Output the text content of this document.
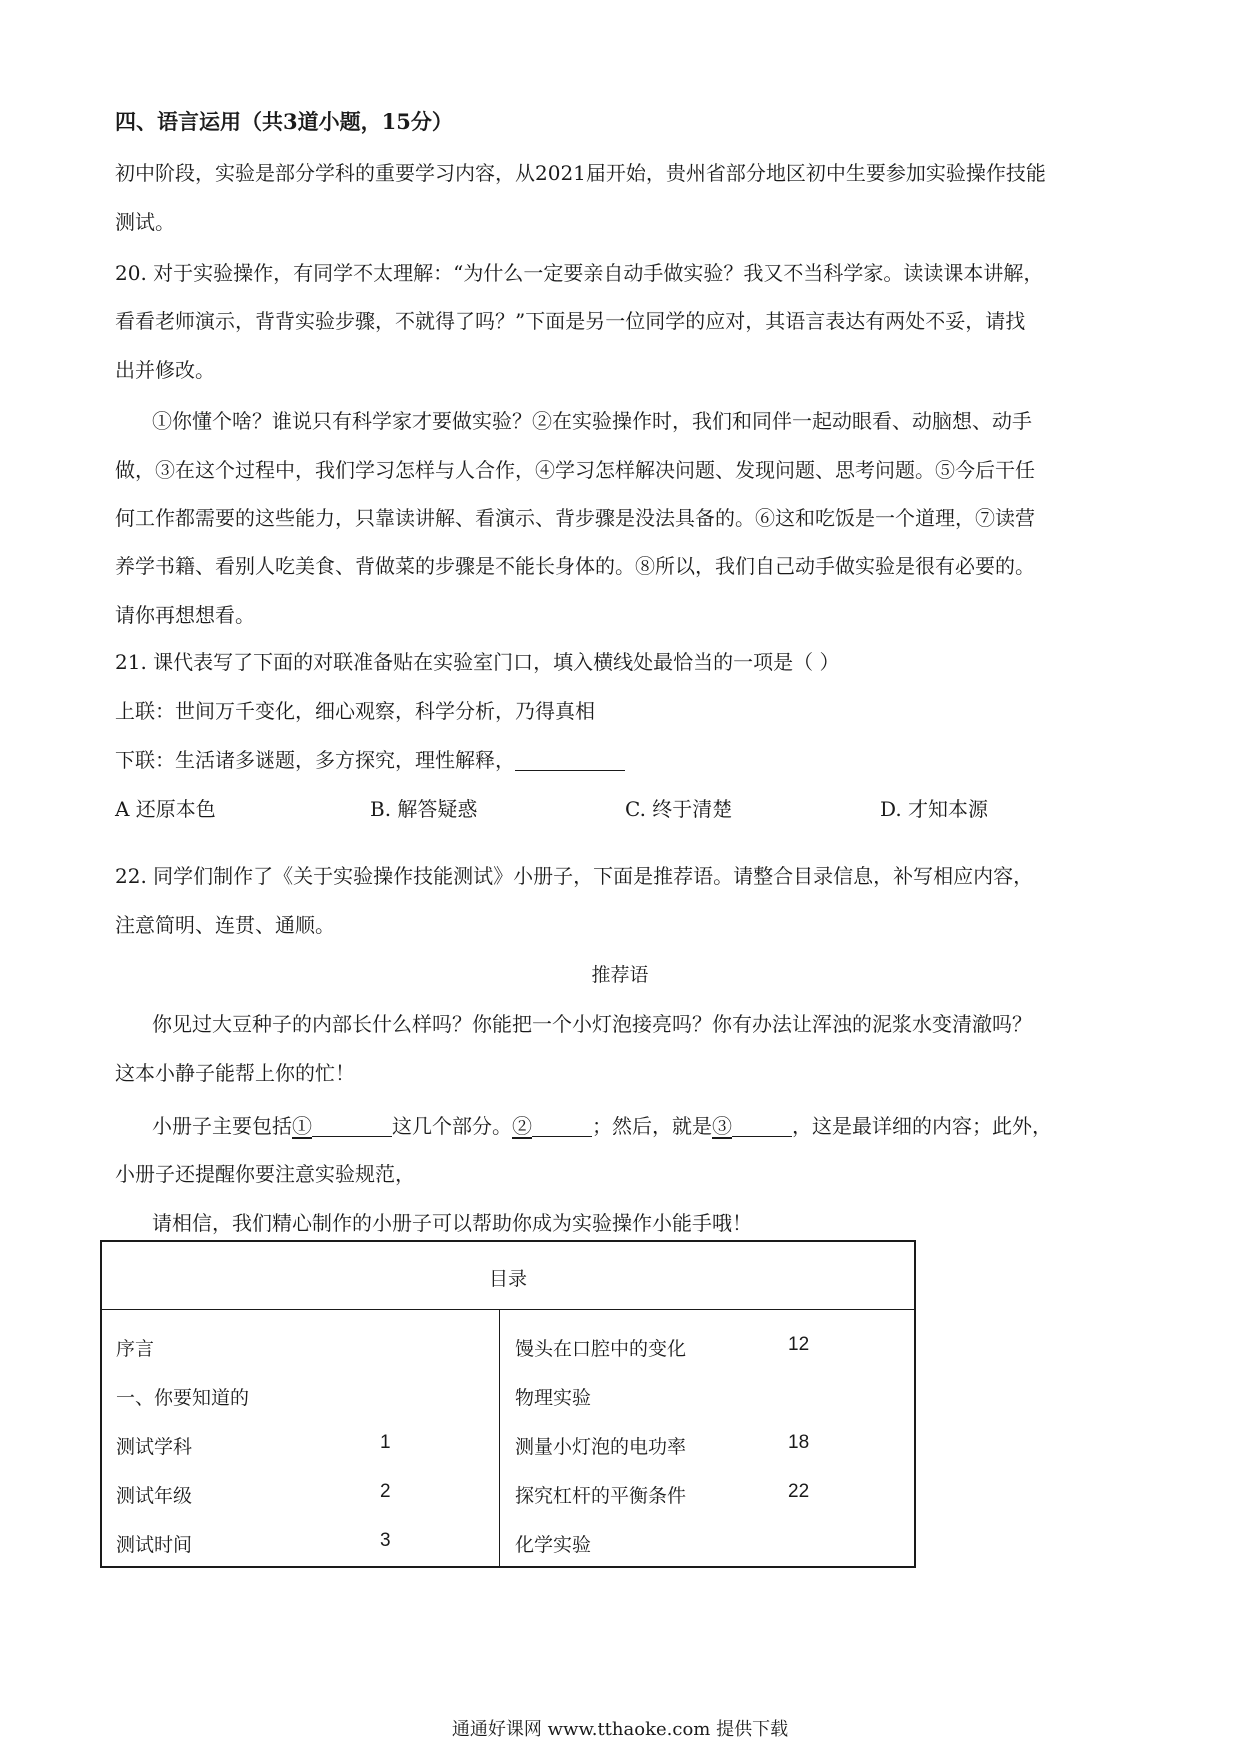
四、语言运用（共3道小题，15分）
初中阶段，实验是部分学科的重要学习内容，从2021届开始，贵州省部分地区初中生要参加实验操作技能
测试。
20. 对于实验操作，有同学不太理解：“为什么一定要亲自动手做实验？我又不当科学家。读读课本讲解，
看看老师演示，背背实验步骤，不就得了吗？”下面是另一位同学的应对，其语言表达有两处不妥，请找
出并修改。
①你懂个啥？谁说只有科学家才要做实验？②在实验操作时，我们和同伴一起动眼看、动脑想、动手
做，③在这个过程中，我们学习怎样与人合作，④学习怎样解决问题、发现问题、思考问题。⑤今后干任
何工作都需要的这些能力，只靠读讲解、看演示、背步骤是没法具备的。⑥这和吃饭是一个道理，⑦读营
养学书籍、看别人吃美食、背做菜的步骤是不能长身体的。⑧所以，我们自己动手做实验是很有必要的。
请你再想想看。
21. 课代表写了下面的对联准备贴在实验室门口，填入横线处最恰当的一项是（ ）
上联：世间万千变化，细心观察，科学分析，乃得真相
下联：生活诸多谜题，多方探究，理性解释，
A 还原本色	B. 解答疑惑	C. 终于清楚	D. 才知本源
22. 同学们制作了《关于实验操作技能测试》小册子，下面是推荐语。请整合目录信息，补写相应内容，
注意简明、连贯、通顺。
推荐语
你见过大豆种子的内部长什么样吗？你能把一个小灯泡接亮吗？你有办法让浑浊的泥浆水变清澈吗？
这本小静子能帮上你的忙！
小册子主要包括①	这几个部分。②	；然后，就是③	，这是最详细的内容；此外，
小册子还提醒你要注意实验规范，
请相信，我们精心制作的小册子可以帮助你成为实验操作小能手哦！
目录
序言
一、你要知道的
测试学科	1
测试年级	2
测试时间	3
馒头在口腔中的变化	12
物理实验
测量小灯泡的电功率	18
探究杠杆的平衡条件	22
化学实验
通通好课网 www.tthaoke.com 提供下载
